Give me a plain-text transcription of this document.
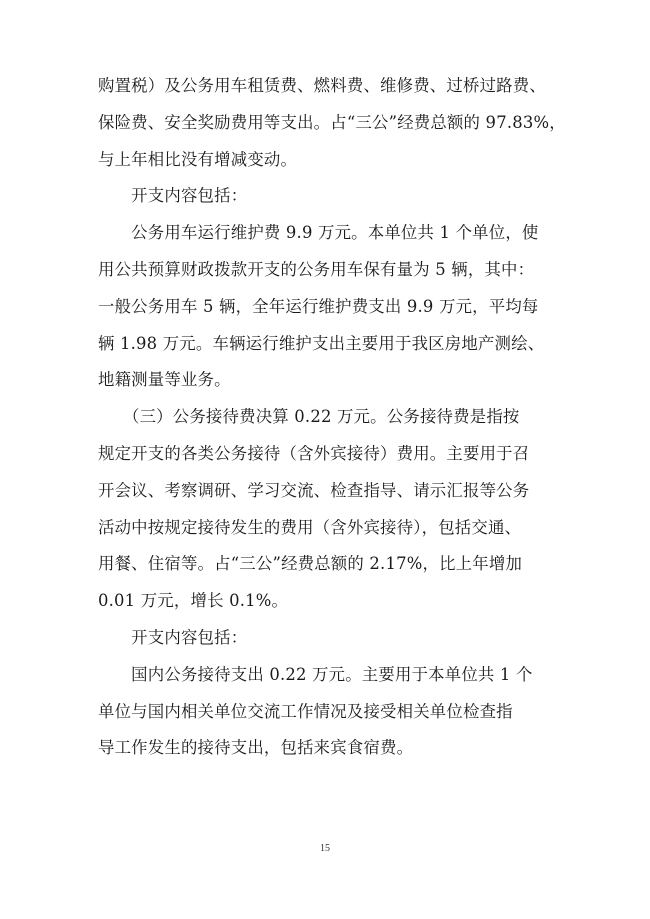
购置税）及公务用车租赁费、燃料费、维修费、过桥过路费、
保险费、安全奖励费用等支出。占“三公”经费总额的 97.83%，
与上年相比没有增减变动。
　　开支内容包括：
　　公务用车运行维护费 9.9 万元。本单位共 1 个单位，使
用公共预算财政拨款开支的公务用车保有量为 5 辆，其中：
一般公务用车 5 辆，全年运行维护费支出 9.9 万元，平均每
辆 1.98 万元。车辆运行维护支出主要用于我区房地产测绘、
地籍测量等业务。
　　（三）公务接待费决算 0.22 万元。公务接待费是指按
规定开支的各类公务接待（含外宾接待）费用。主要用于召
开会议、考察调研、学习交流、检查指导、请示汇报等公务
活动中按规定接待发生的费用（含外宾接待），包括交通、
用餐、住宿等。占“三公”经费总额的 2.17%，比上年增加
0.01 万元，增长 0.1%。
　　开支内容包括：
　　国内公务接待支出 0.22 万元。主要用于本单位共 1 个
单位与国内相关单位交流工作情况及接受相关单位检查指
导工作发生的接待支出，包括来宾食宿费。
15
